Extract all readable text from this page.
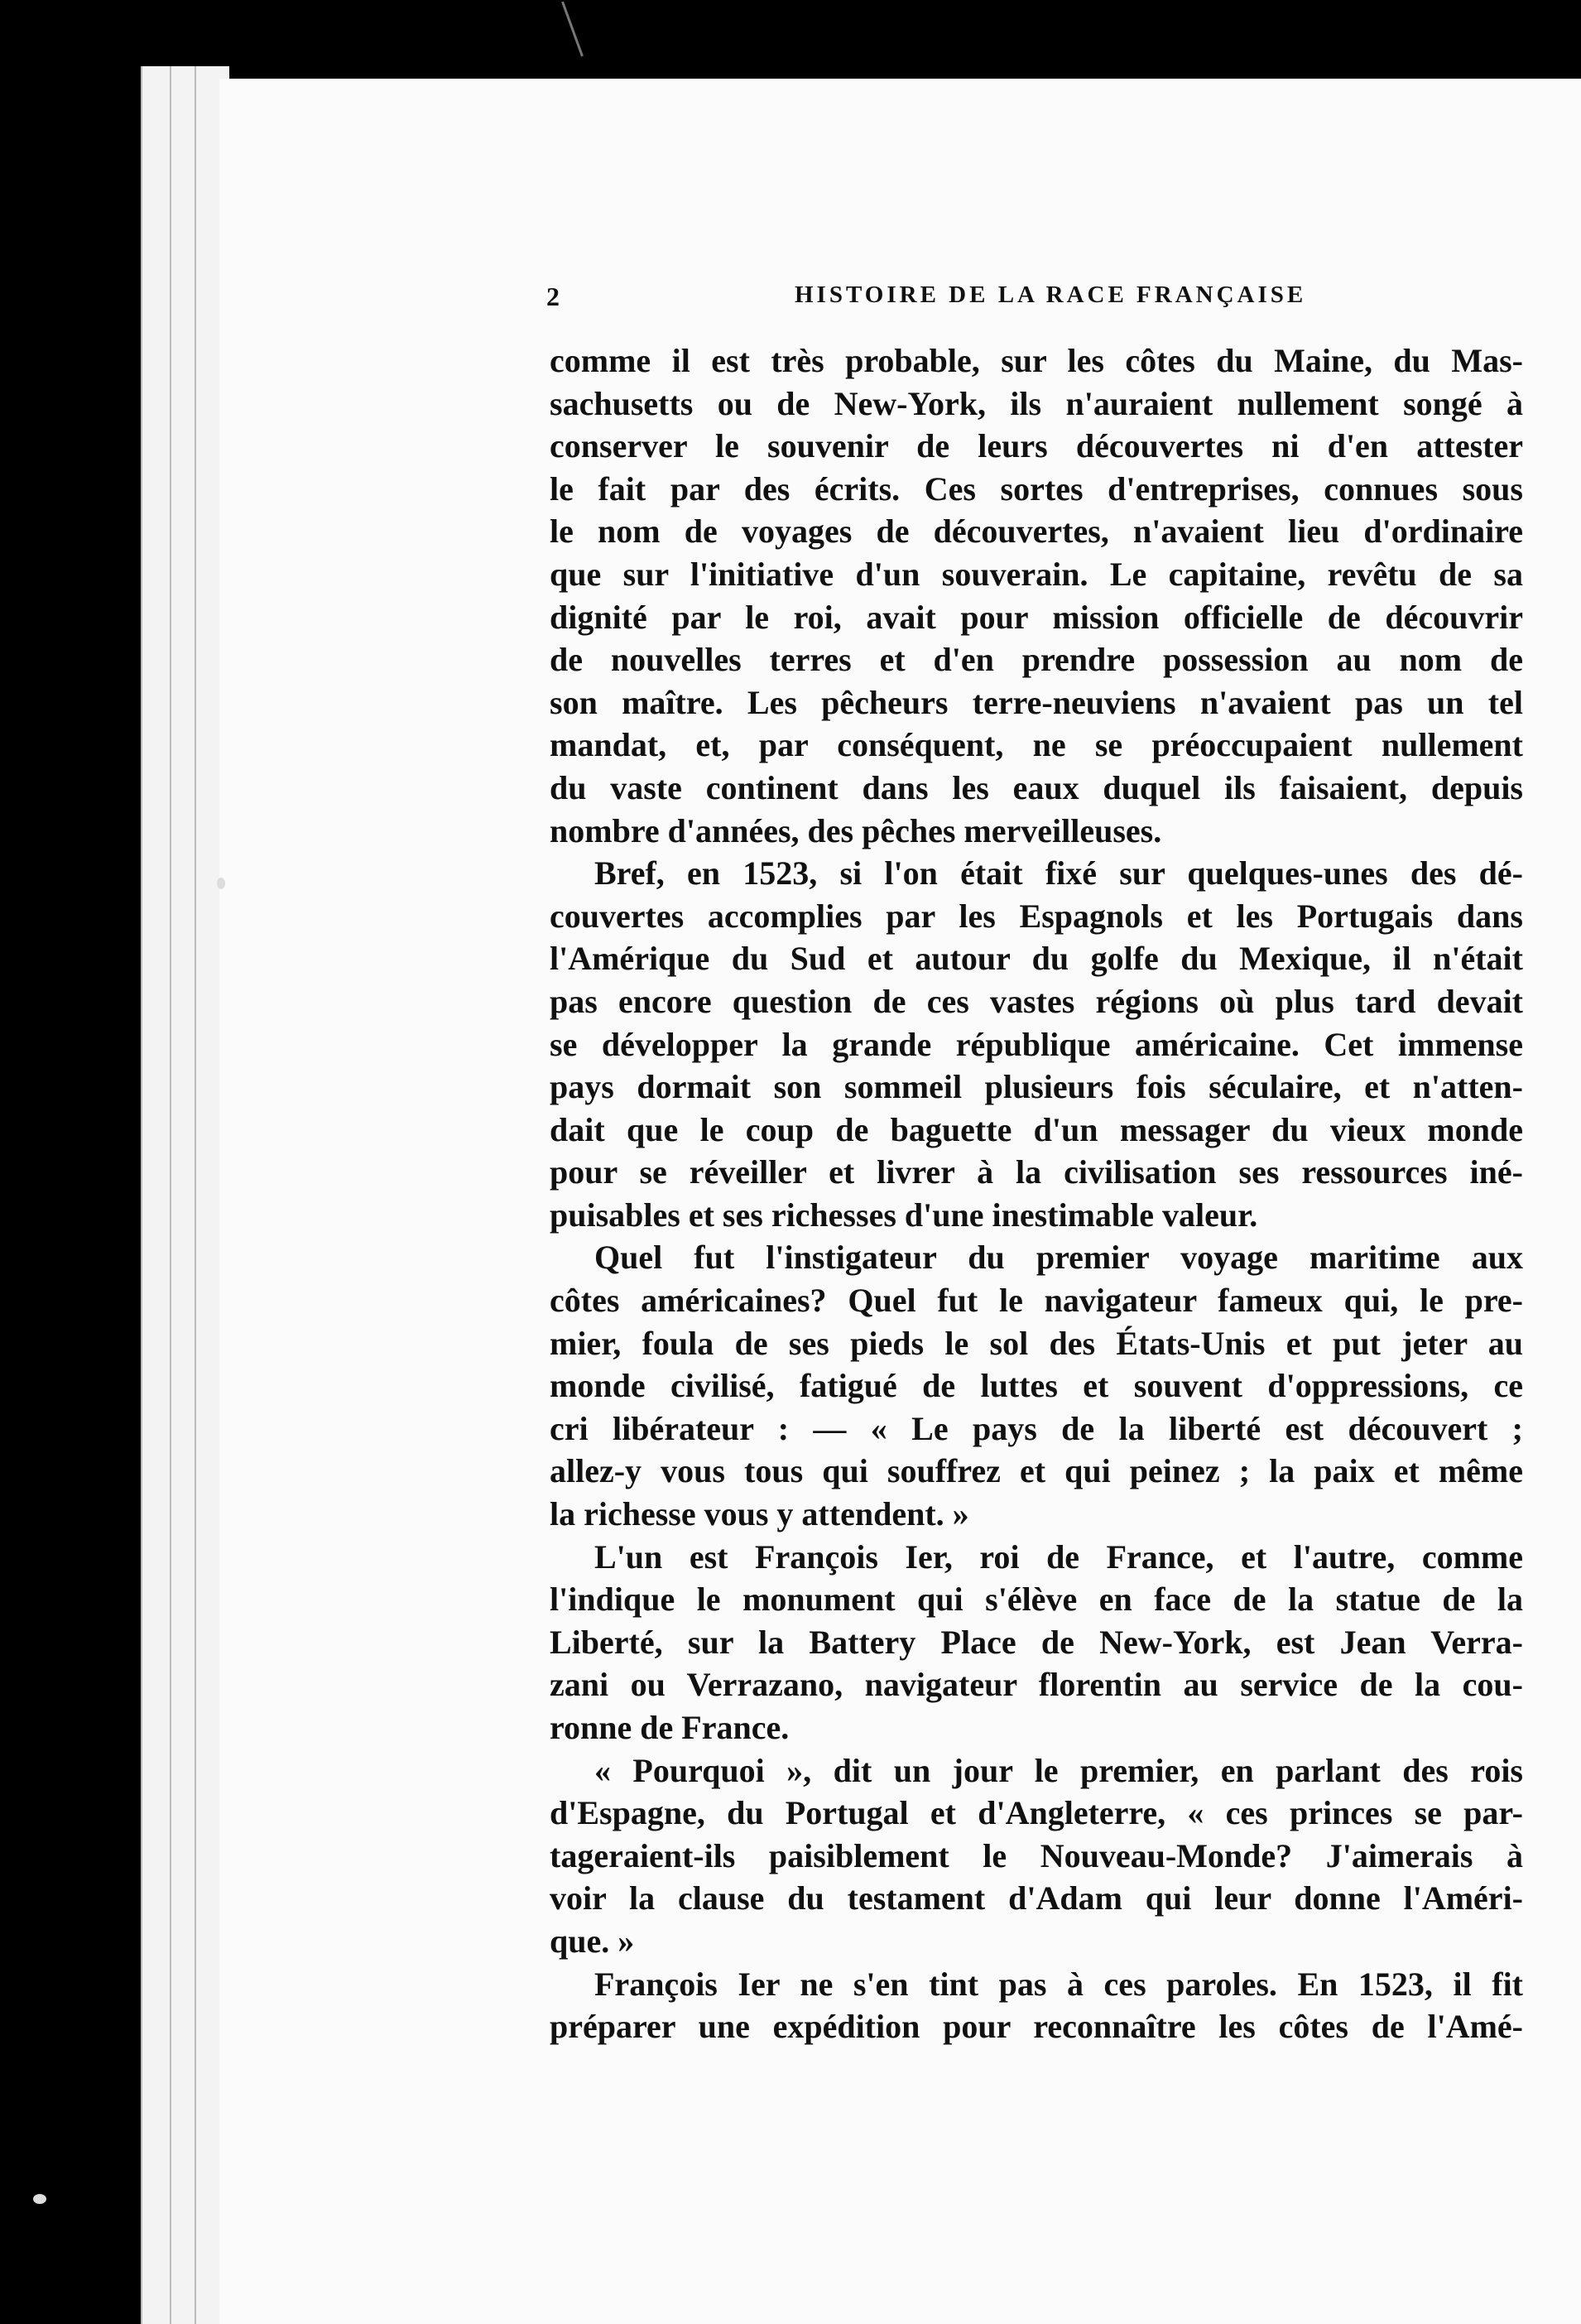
2	HISTOIRE DE LA RACE FRANÇAISE
comme il est très probable, sur les côtes du Maine, du Mas-
sachusetts ou de New-York, ils n'auraient nullement songé à
conserver le souvenir de leurs découvertes ni d'en attester
le fait par des écrits. Ces sortes d'entreprises, connues sous
le nom de voyages de découvertes, n'avaient lieu d'ordinaire
que sur l'initiative d'un souverain. Le capitaine, revêtu de sa
dignité par le roi, avait pour mission officielle de découvrir
de nouvelles terres et d'en prendre possession au nom de
son maître. Les pêcheurs terre-neuviens n'avaient pas un tel
mandat, et, par conséquent, ne se préoccupaient nullement
du vaste continent dans les eaux duquel ils faisaient, depuis
nombre d'années, des pêches merveilleuses.
Bref, en 1523, si l'on était fixé sur quelques-unes des dé-
couvertes accomplies par les Espagnols et les Portugais dans
l'Amérique du Sud et autour du golfe du Mexique, il n'était
pas encore question de ces vastes régions où plus tard devait
se développer la grande république américaine. Cet immense
pays dormait son sommeil plusieurs fois séculaire, et n'atten-
dait que le coup de baguette d'un messager du vieux monde
pour se réveiller et livrer à la civilisation ses ressources iné-
puisables et ses richesses d'une inestimable valeur.
Quel fut l'instigateur du premier voyage maritime aux
côtes américaines? Quel fut le navigateur fameux qui, le pre-
mier, foula de ses pieds le sol des États-Unis et put jeter au
monde civilisé, fatigué de luttes et souvent d'oppressions, ce
cri libérateur : — « Le pays de la liberté est découvert ;
allez-y vous tous qui souffrez et qui peinez ; la paix et même
la richesse vous y attendent. »
L'un est François Ier, roi de France, et l'autre, comme
l'indique le monument qui s'élève en face de la statue de la
Liberté, sur la Battery Place de New-York, est Jean Verra-
zani ou Verrazano, navigateur florentin au service de la cou-
ronne de France.
« Pourquoi », dit un jour le premier, en parlant des rois
d'Espagne, du Portugal et d'Angleterre, « ces princes se par-
tageraient-ils paisiblement le Nouveau-Monde? J'aimerais à
voir la clause du testament d'Adam qui leur donne l'Améri-
que. »
François Ier ne s'en tint pas à ces paroles. En 1523, il fit
préparer une expédition pour reconnaître les côtes de l'Amé-
